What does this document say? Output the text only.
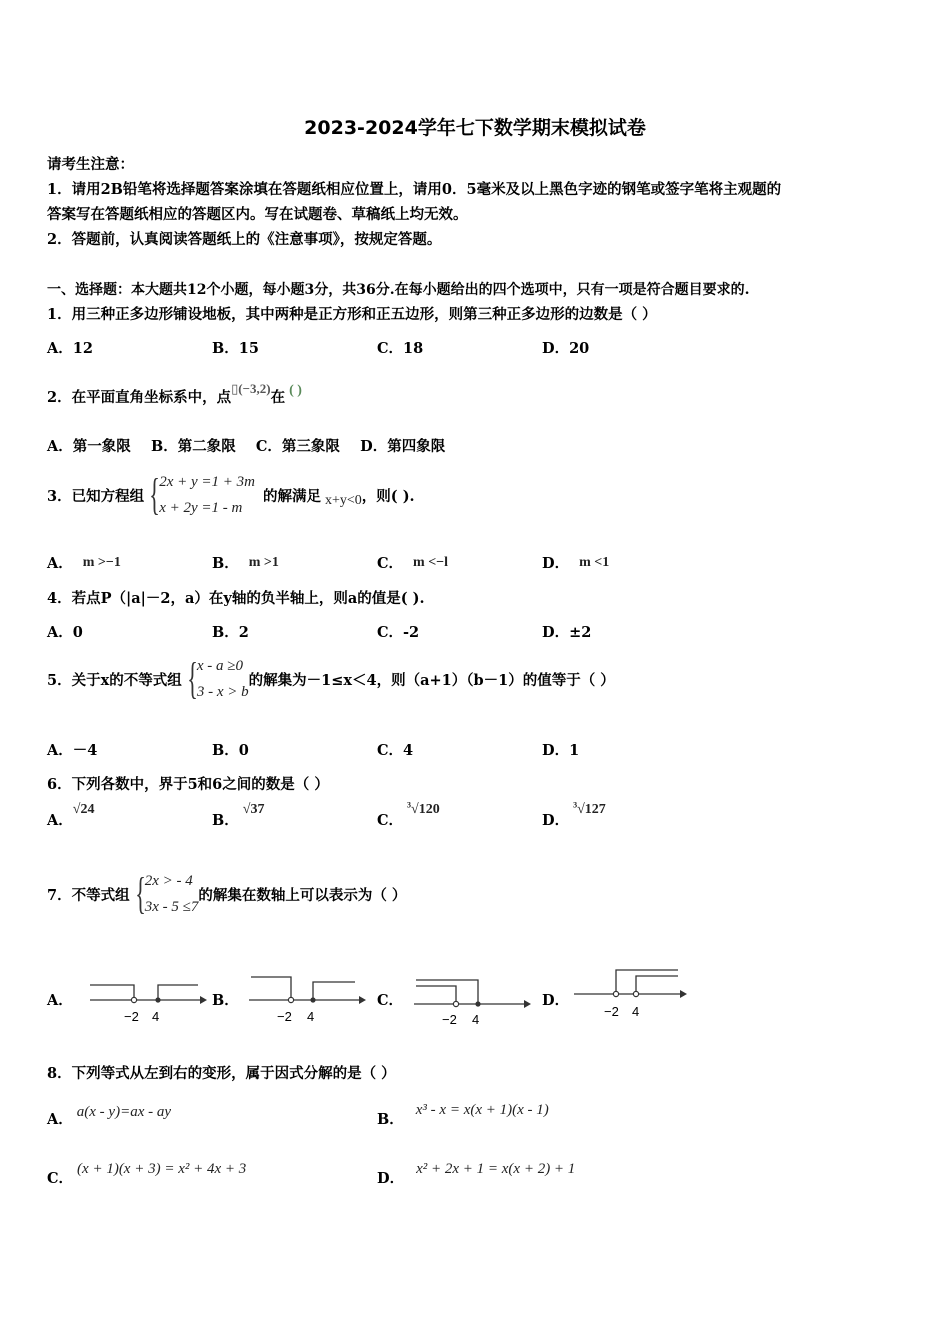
2023-2024学年七下数学期末模拟试卷
请考生注意：
1．请用2B铅笔将选择题答案涂填在答题纸相应位置上，请用0．5毫米及以上黑色字迹的钢笔或签字笔将主观题的
答案写在答题纸相应的答题区内。写在试题卷、草稿纸上均无效。
2．答题前，认真阅读答题纸上的《注意事项》，按规定答题。
一、选择题：本大题共12个小题，每小题3分，共36分.在每小题给出的四个选项中，只有一项是符合题目要求的.
1．用三种正多边形铺设地板，其中两种是正方形和正五边形，则第三种正多边形的边数是（ ）
A．12	B．15	C．18	D．20
2．在平面直角坐标系中，点▯(−3,2)在 ( )
A．第一象限    B．第二象限    C．第三象限    D．第四象限
3．已知方程组 { 2x + y =1 + 3m
x + 2y =1 - m
的解满足 x+y<0 ，则( ).
A． m >−1	B． m >1	C． m <−l	D． m <1
4．若点P（|a|－2，a）在y轴的负半轴上，则a的值是( ).
A．0	B．2	C．-2	D．±2
5．关于x的不等式组 { x - a ≥0
3 - x > b
的解集为－1≤x＜4，则（a+1）（b－1）的值等于（ ）
A．－4	B．0	C．4	D．1
6．下列各数中，界于5和6之间的数是（ ）
A．√24
B．√37
C．$^3$√120
D．$^3$√127
7．不等式组 { 2x > - 4
3x - 5 ≤7
的解集在数轴上可以表示为（ ）
A．
−2 4
B．
−2 4
C．
−2 4
D．
−2 4
8．下列等式从左到右的变形，属于因式分解的是（ ）
A． a(x - y)=ax - ay	B．x³ - x = x(x + 1)(x - 1)
C．(x + 1)(x + 3) = x² + 4x + 3
D．x² + 2x + 1 = x(x + 2) + 1
